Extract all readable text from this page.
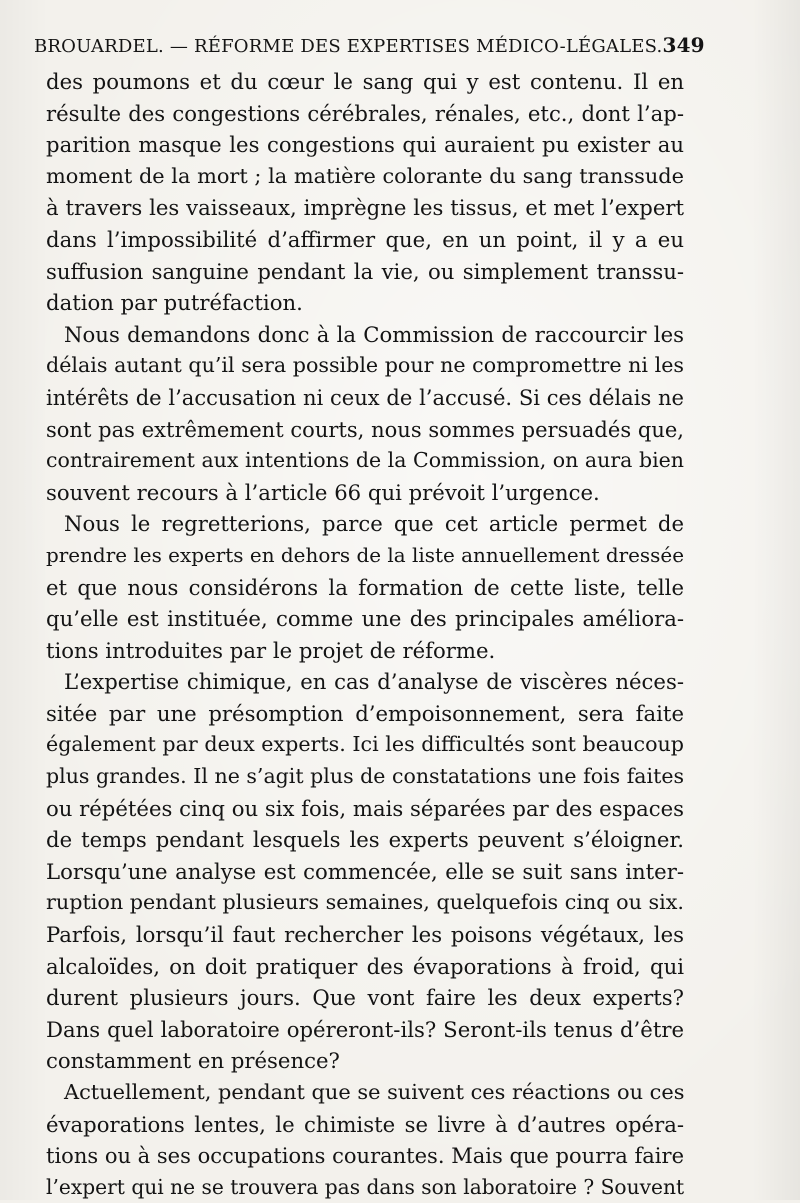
BROUARDEL. — RÉFORME DES EXPERTISES MÉDICO-LÉGALES. 349
des poumons et du cœur le sang qui y est contenu. Il en
résulte des congestions cérébrales, rénales, etc., dont l’ap-
parition masque les congestions qui auraient pu exister au
moment de la mort ; la matière colorante du sang transsude
à travers les vaisseaux, imprègne les tissus, et met l’expert
dans l’impossibilité d’affirmer que, en un point, il y a eu
suffusion sanguine pendant la vie, ou simplement transsu-
dation par putréfaction.
Nous demandons donc à la Commission de raccourcir les
délais autant qu’il sera possible pour ne compromettre ni les
intérêts de l’accusation ni ceux de l’accusé. Si ces délais ne
sont pas extrêmement courts, nous sommes persuadés que,
contrairement aux intentions de la Commission, on aura bien
souvent recours à l’article 66 qui prévoit l’urgence.
Nous le regretterions, parce que cet article permet de
prendre les experts en dehors de la liste annuellement dressée
et que nous considérons la formation de cette liste, telle
qu’elle est instituée, comme une des principales améliora-
tions introduites par le projet de réforme.
L’expertise chimique, en cas d’analyse de viscères néces-
sitée par une présomption d’empoisonnement, sera faite
également par deux experts. Ici les difficultés sont beaucoup
plus grandes. Il ne s’agit plus de constatations une fois faites
ou répétées cinq ou six fois, mais séparées par des espaces
de temps pendant lesquels les experts peuvent s’éloigner.
Lorsqu’une analyse est commencée, elle se suit sans inter-
ruption pendant plusieurs semaines, quelquefois cinq ou six.
Parfois, lorsqu’il faut rechercher les poisons végétaux, les
alcaloïdes, on doit pratiquer des évaporations à froid, qui
durent plusieurs jours. Que vont faire les deux experts?
Dans quel laboratoire opéreront-ils? Seront-ils tenus d’être
constamment en présence?
Actuellement, pendant que se suivent ces réactions ou ces
évaporations lentes, le chimiste se livre à d’autres opéra-
tions ou à ses occupations courantes. Mais que pourra faire
l’expert qui ne se trouvera pas dans son laboratoire ? Souvent
